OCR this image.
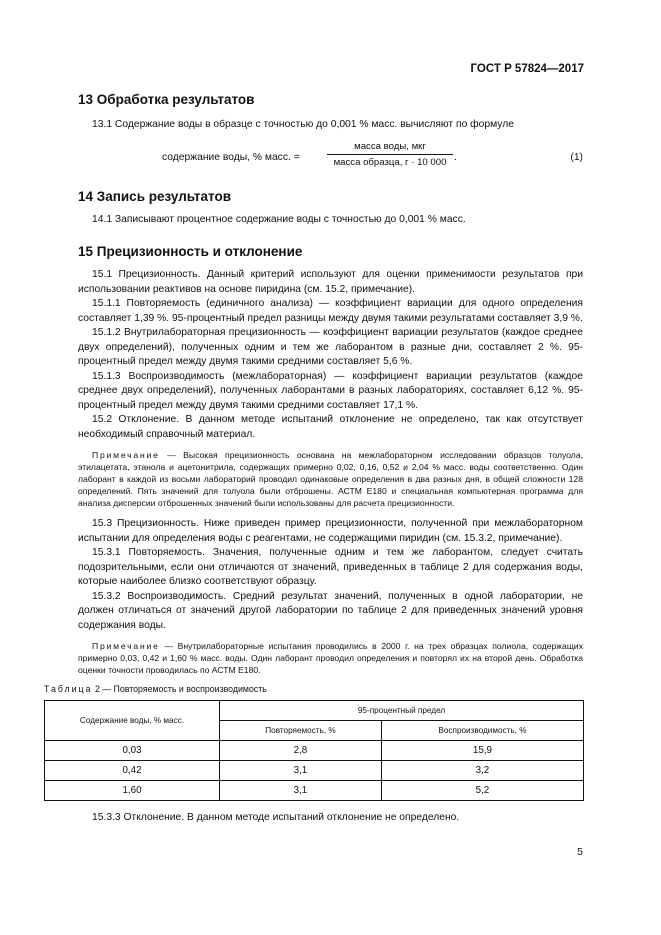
ГОСТ Р 57824—2017
13 Обработка результатов

13.1 Содержание воды в образце с точностью до 0,001 % масс. вычисляют по формуле

содержание воды, % масс. =
масса воды, мкг
масса образца, г · 10 000 .	(1)
14 Запись результатов

14.1 Записывают процентное содержание воды с точностью до 0,001 % масс.

15 Прецизионность и отклонение

15.1 Прецизионность. Данный критерий используют для оценки применимости результатов при использовании реактивов на основе пиридина (см. 15.2, примечание).

15.1.1 Повторяемость (единичного анализа) — коэффициент вариации для одного определения составляет 1,39 %. 95-процентный предел разницы между двумя такими результатами составляет 3,9 %.

15.1.2 Внутрилабораторная прецизионность — коэффициент вариации результатов (каждое среднее двух определений), полученных одним и тем же лаборантом в разные дни, составляет 2 %. 95-процентный предел между двумя такими средними составляет 5,6 %.

15.1.3 Воспроизводимость (межлабораторная) — коэффициент вариации результатов (каждое среднее двух определений), полученных лаборантами в разных лабораториях, составляет 6,12 %. 95-процентный предел между двумя такими средними составляет 17,1 %.

15.2 Отклонение. В данном методе испытаний отклонение не определено, так как отсутствует необходимый справочный материал.

Примечание — Высокая прецизионность основана на межлабораторном исследовании образцов толуола, этилацетата, этанола и ацетонитрила, содержащих примерно 0,02, 0,16, 0,52 и 2,04 % масс. воды соответственно. Один лаборант в каждой из восьми лабораторий проводил одинаковые определения в два разных дня, в общей сложности 128 определений. Пять значений для толуола были отброшены. АСТМ Е180 и специальная компьютерная программа для анализа дисперсии отброшенных значений были использованы для расчета прецизионности.

15.3 Прецизионность. Ниже приведен пример прецизионности, полученной при межлабораторном испытании для определения воды с реагентами, не содержащими пиридин (см. 15.3.2, примечание).

15.3.1 Повторяемость. Значения, полученные одним и тем же лаборантом, следует считать подозрительными, если они отличаются от значений, приведенных в таблице 2 для содержания воды, которые наиболее близко соответствуют образцу.

15.3.2 Воспроизводимость. Средний результат значений, полученных в одной лаборатории, не должен отличаться от значений другой лаборатории по таблице 2 для приведенных значений уровня содержания воды.

Примечание — Внутрилабораторные испытания проводились в 2000 г. на трех образцах полиола, содержащих примерно 0,03, 0,42 и 1,60 % масс. воды. Один лаборант проводил определения и повторял их на второй день. Обработка оценки точности проводилась по АСТМ Е180.

Таблица 2 — Повторяемость и воспроизводимость
Содержание воды, % масс.	95-процентный предел	
	Повторяемость, %	Воспроизводимость, %
0,03	2,8	15,9
0,42	3,1	3,2
1,60	3,1	5,2

15.3.3 Отклонение. В данном методе испытаний отклонение не определено.

5
